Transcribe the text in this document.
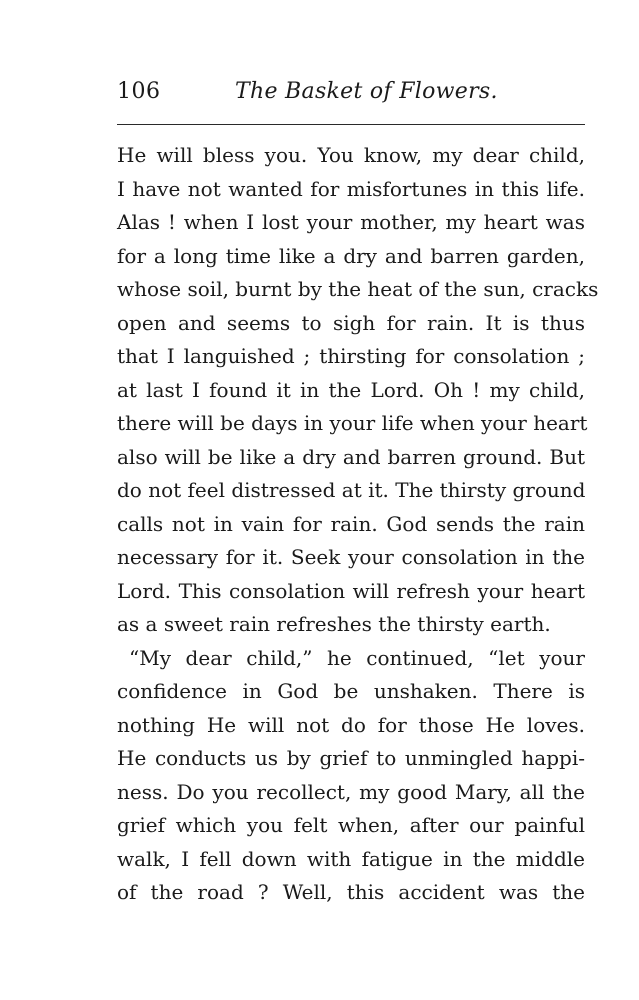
106	The Basket of Flowers.
He will bless you. You know, my dear child,
I have not wanted for misfortunes in this life.
Alas ! when I lost your mother, my heart was
for a long time like a dry and barren garden,
whose soil, burnt by the heat of the sun, cracks
open and seems to sigh for rain. It is thus
that I languished ; thirsting for consolation ;
at last I found it in the Lord. Oh ! my child,
there will be days in your life when your heart
also will be like a dry and barren ground. But
do not feel distressed at it. The thirsty ground
calls not in vain for rain. God sends the rain
necessary for it. Seek your consolation in the
Lord. This consolation will refresh your heart
as a sweet rain refreshes the thirsty earth.
“My dear child,” he continued, “let your
confidence in God be unshaken. There is
nothing He will not do for those He loves.
He conducts us by grief to unmingled happi-
ness. Do you recollect, my good Mary, all the
grief which you felt when, after our painful
walk, I fell down with fatigue in the middle
of the road ? Well, this accident was the
